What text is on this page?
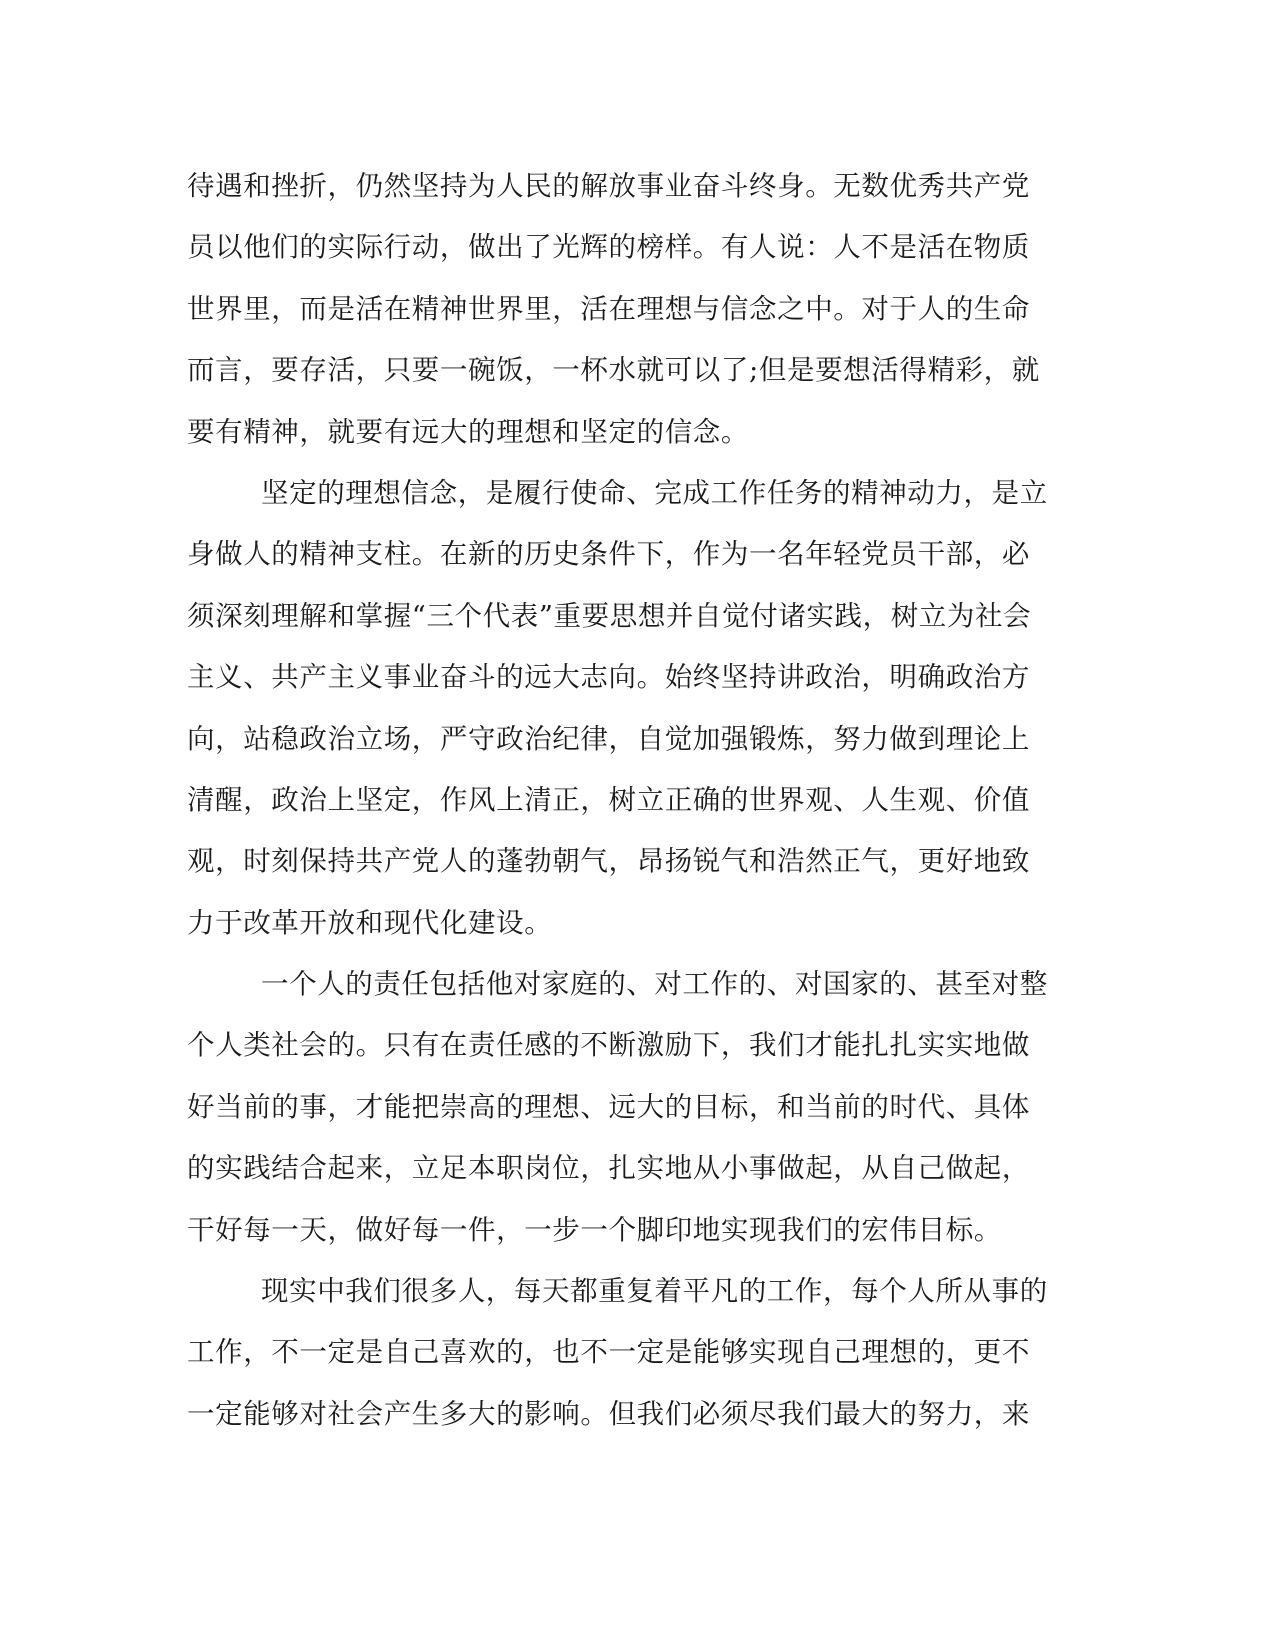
待遇和挫折，仍然坚持为人民的解放事业奋斗终身。无数优秀共产党
员以他们的实际行动，做出了光辉的榜样。有人说：人不是活在物质
世界里，而是活在精神世界里，活在理想与信念之中。对于人的生命
而言，要存活，只要一碗饭，一杯水就可以了;但是要想活得精彩，就
要有精神，就要有远大的理想和坚定的信念。

坚定的理想信念，是履行使命、完成工作任务的精神动力，是立
身做人的精神支柱。在新的历史条件下，作为一名年轻党员干部，必
须深刻理解和掌握“三个代表”重要思想并自觉付诸实践，树立为社会
主义、共产主义事业奋斗的远大志向。始终坚持讲政治，明确政治方
向，站稳政治立场，严守政治纪律，自觉加强锻炼，努力做到理论上
清醒，政治上坚定，作风上清正，树立正确的世界观、人生观、价值
观，时刻保持共产党人的蓬勃朝气，昂扬锐气和浩然正气，更好地致
力于改革开放和现代化建设。

一个人的责任包括他对家庭的、对工作的、对国家的、甚至对整
个人类社会的。只有在责任感的不断激励下，我们才能扎扎实实地做
好当前的事，才能把崇高的理想、远大的目标，和当前的时代、具体
的实践结合起来，立足本职岗位，扎实地从小事做起，从自己做起，
干好每一天，做好每一件，一步一个脚印地实现我们的宏伟目标。

现实中我们很多人，每天都重复着平凡的工作，每个人所从事的
工作，不一定是自己喜欢的，也不一定是能够实现自己理想的，更不
一定能够对社会产生多大的影响。但我们必须尽我们最大的努力，来
